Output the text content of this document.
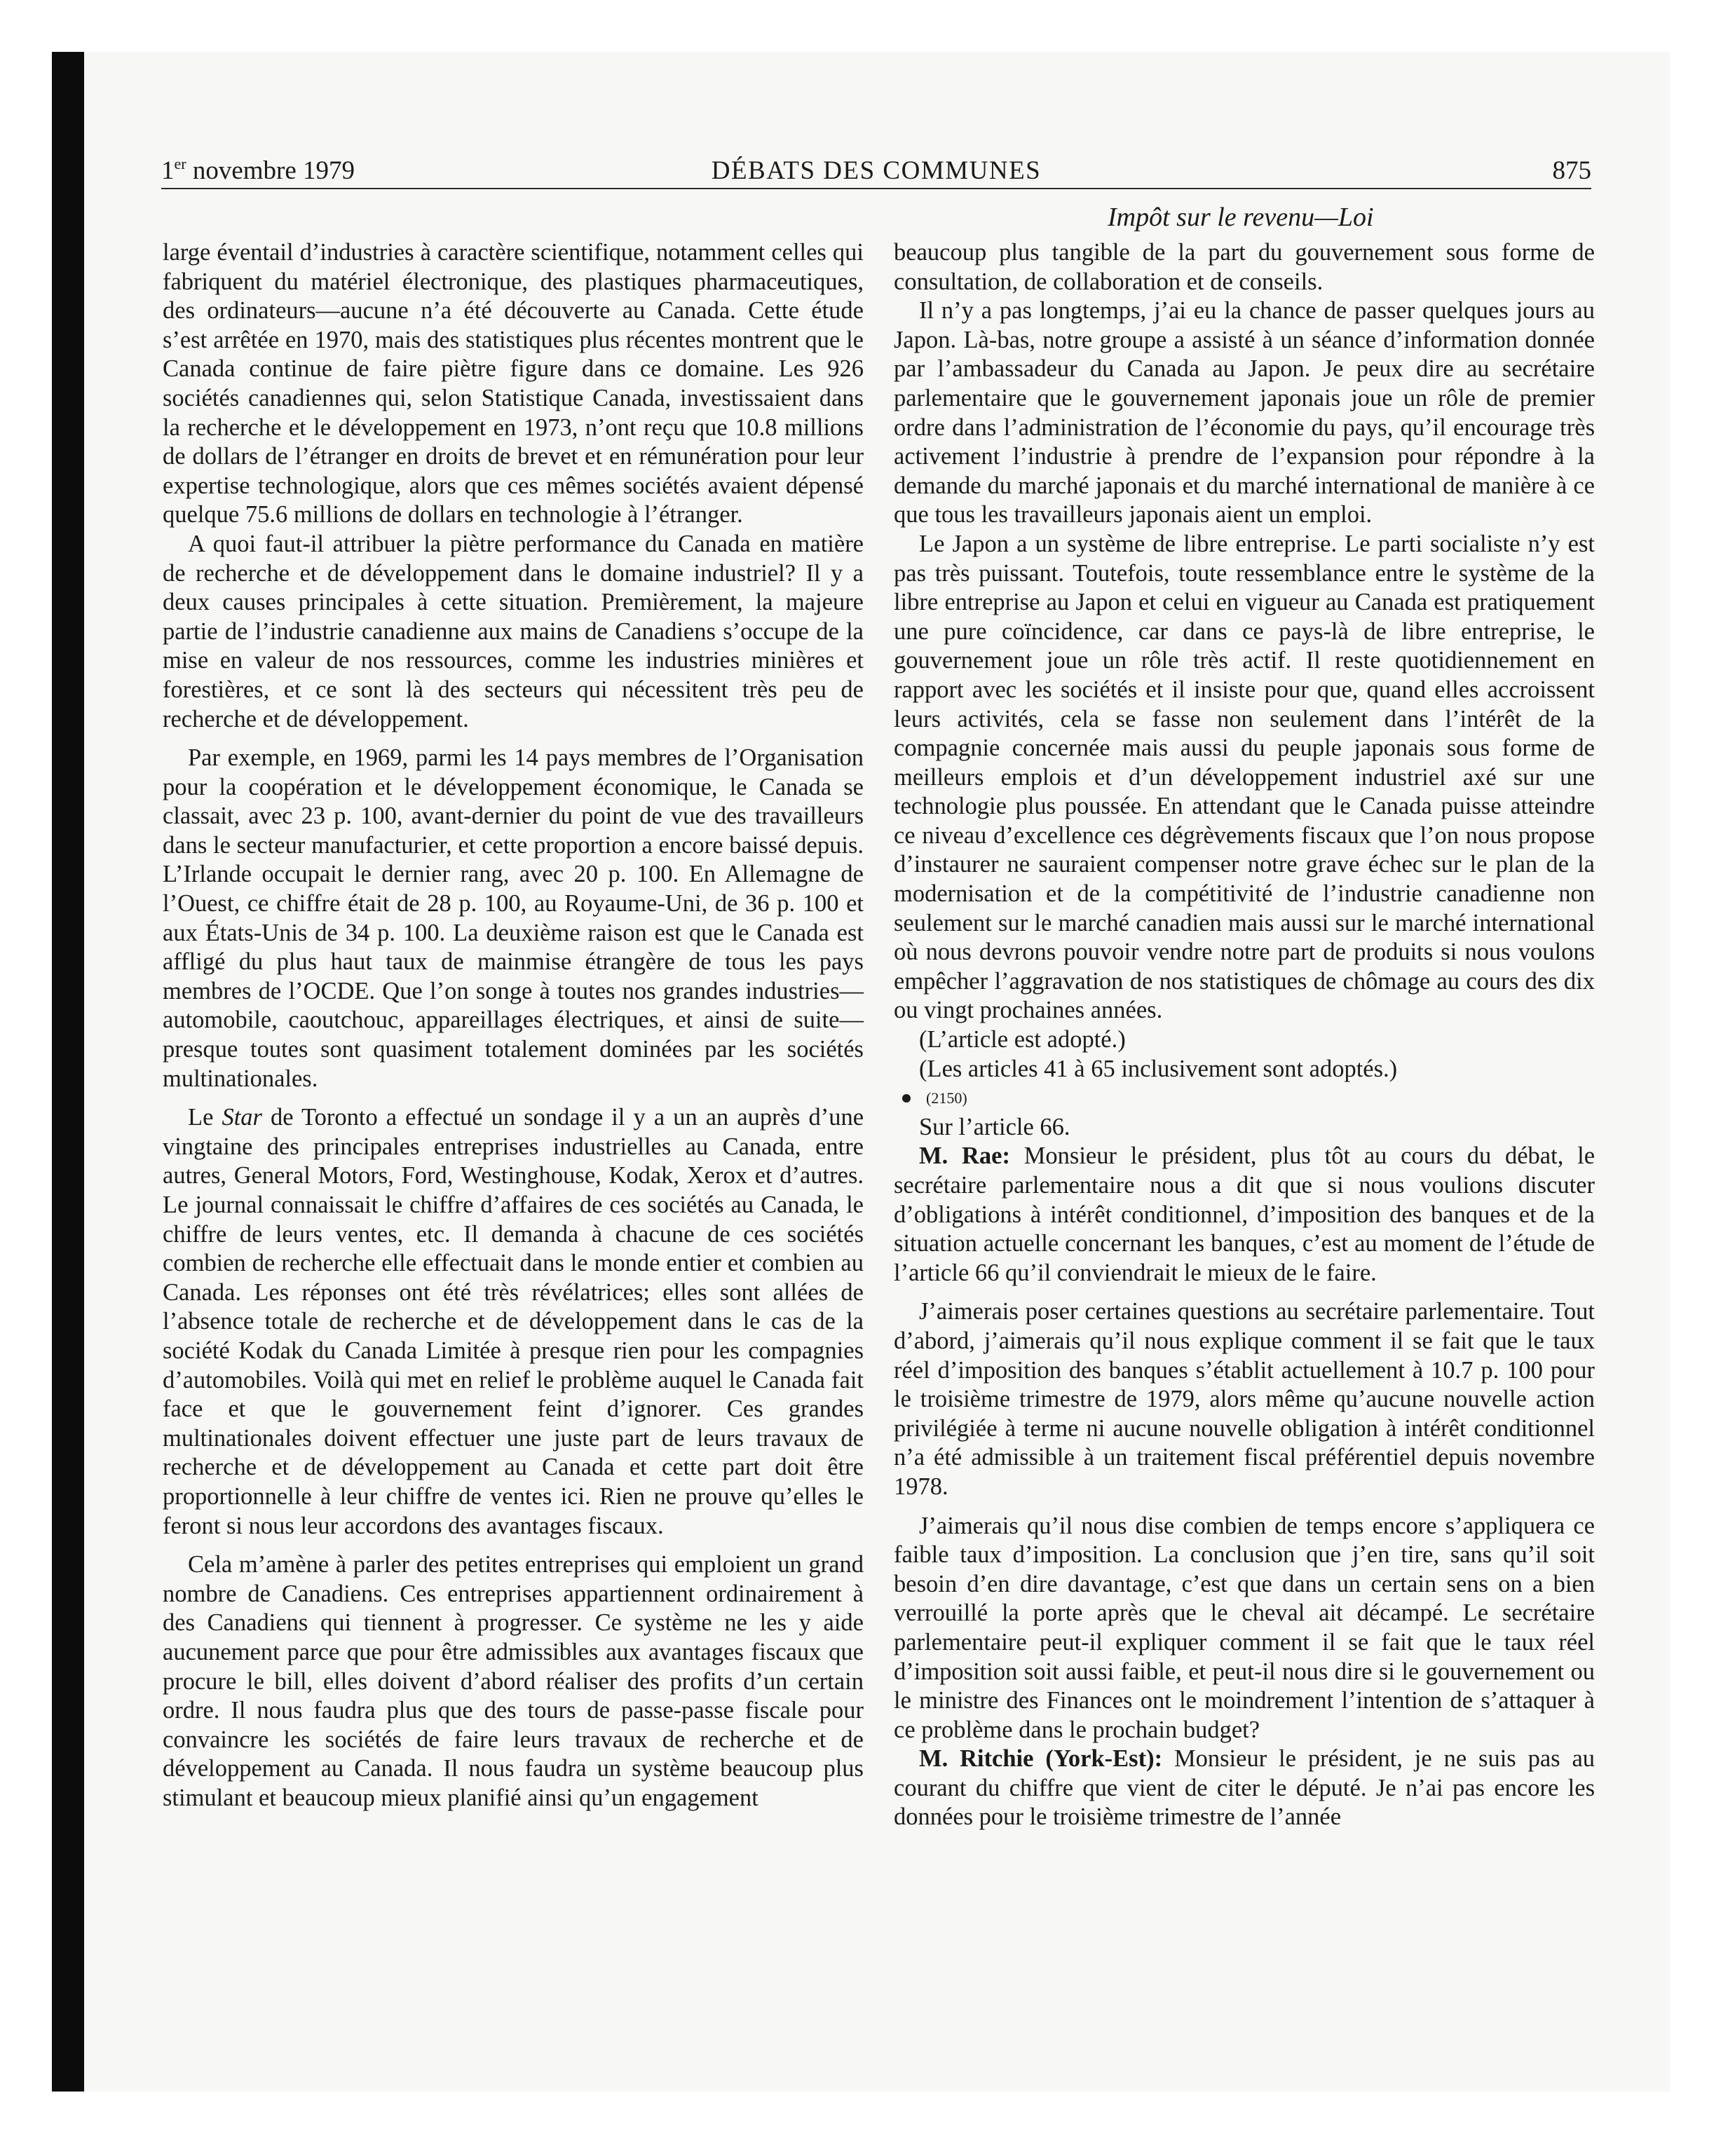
1er novembre 1979	DÉBATS DES COMMUNES	875
Impôt sur le revenu—Loi

large éventail d’industries à caractère scientifique, notamment celles qui fabriquent du matériel électronique, des plastiques pharmaceutiques, des ordinateurs—aucune n’a été découverte au Canada. Cette étude s’est arrêtée en 1970, mais des statistiques plus récentes montrent que le Canada continue de faire piètre figure dans ce domaine. Les 926 sociétés canadiennes qui, selon Statistique Canada, investissaient dans la recherche et le développement en 1973, n’ont reçu que 10.8 millions de dollars de l’étranger en droits de brevet et en rémunération pour leur expertise technologique, alors que ces mêmes sociétés avaient dépensé quelque 75.6 millions de dollars en technologie à l’étranger.

A quoi faut-il attribuer la piètre performance du Canada en matière de recherche et de développement dans le domaine industriel? Il y a deux causes principales à cette situation. Premièrement, la majeure partie de l’industrie canadienne aux mains de Canadiens s’occupe de la mise en valeur de nos ressources, comme les industries minières et forestières, et ce sont là des secteurs qui nécessitent très peu de recherche et de développement.

Par exemple, en 1969, parmi les 14 pays membres de l’Organisation pour la coopération et le développement économique, le Canada se classait, avec 23 p. 100, avant-dernier du point de vue des travailleurs dans le secteur manufacturier, et cette proportion a encore baissé depuis. L’Irlande occupait le dernier rang, avec 20 p. 100. En Allemagne de l’Ouest, ce chiffre était de 28 p. 100, au Royaume-Uni, de 36 p. 100 et aux États-Unis de 34 p. 100. La deuxième raison est que le Canada est affligé du plus haut taux de mainmise étrangère de tous les pays membres de l’OCDE. Que l’on songe à toutes nos grandes industries—automobile, caoutchouc, appareillages électriques, et ainsi de suite—presque toutes sont quasiment totalement dominées par les sociétés multinationales.

Le Star de Toronto a effectué un sondage il y a un an auprès d’une vingtaine des principales entreprises industrielles au Canada, entre autres, General Motors, Ford, Westinghouse, Kodak, Xerox et d’autres. Le journal connaissait le chiffre d’affaires de ces sociétés au Canada, le chiffre de leurs ventes, etc. Il demanda à chacune de ces sociétés combien de recherche elle effectuait dans le monde entier et combien au Canada. Les réponses ont été très révélatrices; elles sont allées de l’absence totale de recherche et de développement dans le cas de la société Kodak du Canada Limitée à presque rien pour les compagnies d’automobiles. Voilà qui met en relief le problème auquel le Canada fait face et que le gouvernement feint d’ignorer. Ces grandes multinationales doivent effectuer une juste part de leurs travaux de recherche et de développement au Canada et cette part doit être proportionnelle à leur chiffre de ventes ici. Rien ne prouve qu’elles le feront si nous leur accordons des avantages fiscaux.

Cela m’amène à parler des petites entreprises qui emploient un grand nombre de Canadiens. Ces entreprises appartiennent ordinairement à des Canadiens qui tiennent à progresser. Ce système ne les y aide aucunement parce que pour être admissibles aux avantages fiscaux que procure le bill, elles doivent d’abord réaliser des profits d’un certain ordre. Il nous faudra plus que des tours de passe-passe fiscale pour convaincre les sociétés de faire leurs travaux de recherche et de développement au Canada. Il nous faudra un système beaucoup plus stimulant et beaucoup mieux planifié ainsi qu’un engagement

beaucoup plus tangible de la part du gouvernement sous forme de consultation, de collaboration et de conseils.

Il n’y a pas longtemps, j’ai eu la chance de passer quelques jours au Japon. Là-bas, notre groupe a assisté à un séance d’information donnée par l’ambassadeur du Canada au Japon. Je peux dire au secrétaire parlementaire que le gouvernement japonais joue un rôle de premier ordre dans l’administration de l’économie du pays, qu’il encourage très activement l’industrie à prendre de l’expansion pour répondre à la demande du marché japonais et du marché international de manière à ce que tous les travailleurs japonais aient un emploi.

Le Japon a un système de libre entreprise. Le parti socialiste n’y est pas très puissant. Toutefois, toute ressemblance entre le système de la libre entreprise au Japon et celui en vigueur au Canada est pratiquement une pure coïncidence, car dans ce pays-là de libre entreprise, le gouvernement joue un rôle très actif. Il reste quotidiennement en rapport avec les sociétés et il insiste pour que, quand elles accroissent leurs activités, cela se fasse non seulement dans l’intérêt de la compagnie concernée mais aussi du peuple japonais sous forme de meilleurs emplois et d’un développement industriel axé sur une technologie plus poussée. En attendant que le Canada puisse atteindre ce niveau d’excellence ces dégrèvements fiscaux que l’on nous propose d’instaurer ne sauraient compenser notre grave échec sur le plan de la modernisation et de la compétitivité de l’industrie canadienne non seulement sur le marché canadien mais aussi sur le marché international où nous devrons pouvoir vendre notre part de produits si nous voulons empêcher l’aggravation de nos statistiques de chômage au cours des dix ou vingt prochaines années.

(L’article est adopté.)

(Les articles 41 à 65 inclusivement sont adoptés.)

(2150)

Sur l’article 66.

M. Rae: Monsieur le président, plus tôt au cours du débat, le secrétaire parlementaire nous a dit que si nous voulions discuter d’obligations à intérêt conditionnel, d’imposition des banques et de la situation actuelle concernant les banques, c’est au moment de l’étude de l’article 66 qu’il conviendrait le mieux de le faire.

J’aimerais poser certaines questions au secrétaire parlementaire. Tout d’abord, j’aimerais qu’il nous explique comment il se fait que le taux réel d’imposition des banques s’établit actuellement à 10.7 p. 100 pour le troisième trimestre de 1979, alors même qu’aucune nouvelle action privilégiée à terme ni aucune nouvelle obligation à intérêt conditionnel n’a été admissible à un traitement fiscal préférentiel depuis novembre 1978.

J’aimerais qu’il nous dise combien de temps encore s’appliquera ce faible taux d’imposition. La conclusion que j’en tire, sans qu’il soit besoin d’en dire davantage, c’est que dans un certain sens on a bien verrouillé la porte après que le cheval ait décampé. Le secrétaire parlementaire peut-il expliquer comment il se fait que le taux réel d’imposition soit aussi faible, et peut-il nous dire si le gouvernement ou le ministre des Finances ont le moindrement l’intention de s’attaquer à ce problème dans le prochain budget?

M. Ritchie (York-Est): Monsieur le président, je ne suis pas au courant du chiffre que vient de citer le député. Je n’ai pas encore les données pour le troisième trimestre de l’année
